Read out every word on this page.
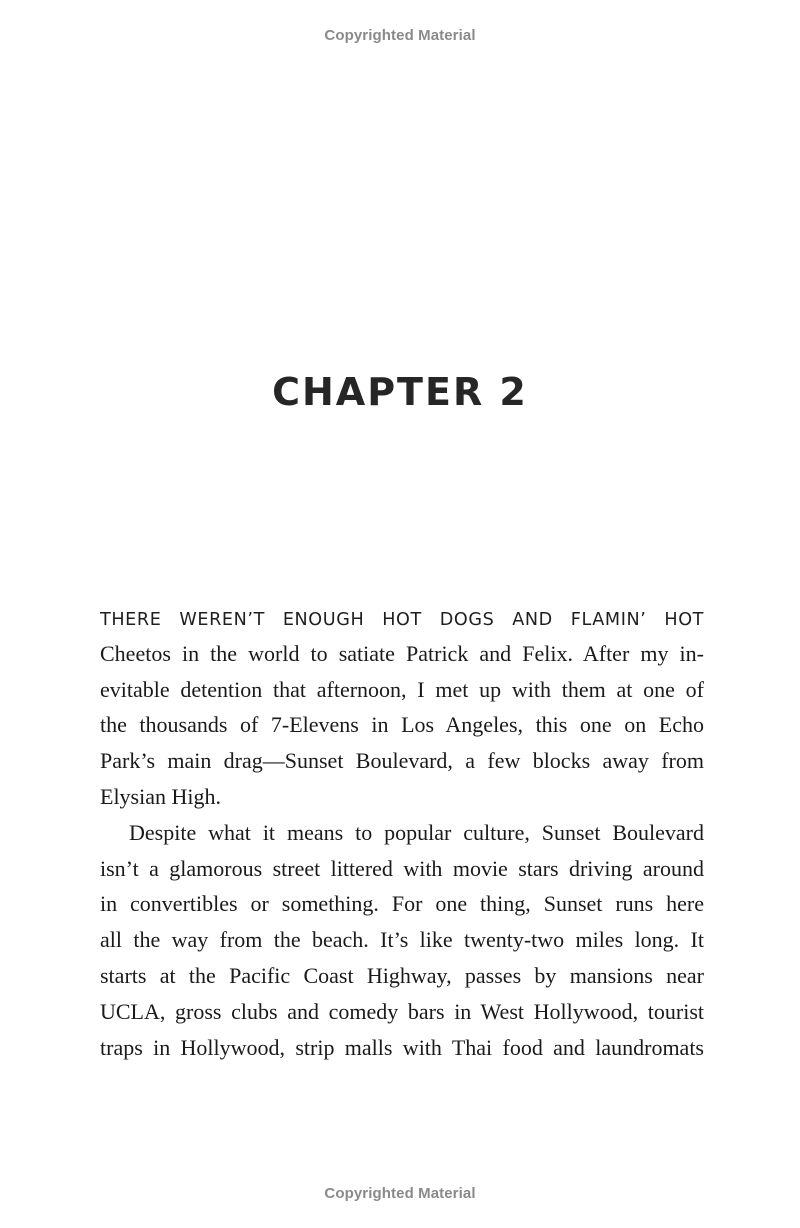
Copyrighted Material
CHAPTER 2
THERE WEREN’T ENOUGH HOT DOGS AND FLAMIN’ HOT
Cheetos in the world to satiate Patrick and Felix. After my in-
evitable detention that afternoon, I met up with them at one of
the thousands of 7-Elevens in Los Angeles, this one on Echo
Park’s main drag—Sunset Boulevard, a few blocks away from
Elysian High.
Despite what it means to popular culture, Sunset Boulevard
isn’t a glamorous street littered with movie stars driving around
in convertibles or something. For one thing, Sunset runs here
all the way from the beach. It’s like twenty-two miles long. It
starts at the Pacific Coast Highway, passes by mansions near
UCLA, gross clubs and comedy bars in West Hollywood, tourist
traps in Hollywood, strip malls with Thai food and laundromats
Copyrighted Material
